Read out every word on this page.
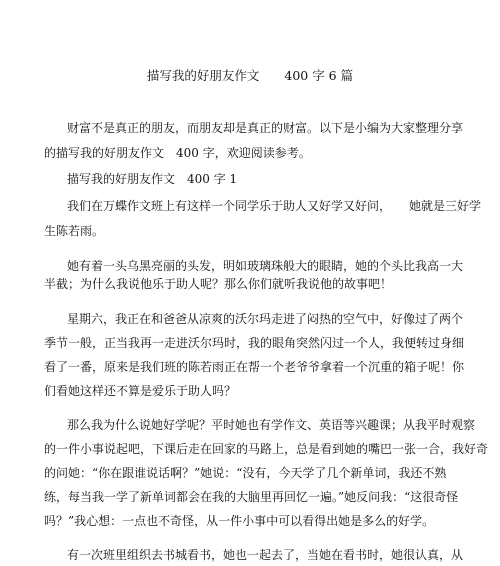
描写我的好朋友作文　　400 字 6 篇
财富不是真正的朋友，而朋友却是真正的财富。以下是小编为大家整理分享
的描写我的好朋友作文　400 字，欢迎阅读参考。
描写我的好朋友作文　400 字 1
我们在万蝶作文班上有这样一个同学乐于助人又好学又好问，　　她就是三好学
生陈若雨。
她有着一头乌黑亮丽的头发，明如玻璃珠般大的眼睛，她的个头比我高一大
半截；为什么我说他乐于助人呢？那么你们就听我说他的故事吧！
星期六，我正在和爸爸从凉爽的沃尔玛走进了闷热的空气中，好像过了两个
季节一般，正当我再一走进沃尔玛时，我的眼角突然闪过一个人，我便转过身细
看了一番，原来是我们班的陈若雨正在帮一个老爷爷拿着一个沉重的箱子呢！你
们看她这样还不算是爱乐于助人吗？
那么我为什么说她好学呢？平时她也有学作文、英语等兴趣课；从我平时观察
的一件小事说起吧，下课后走在回家的马路上，总是看到她的嘴巴一张一合，我好奇
的问她：“你在跟谁说话啊？”她说：“没有，今天学了几个新单词，我还不熟
练，每当我一学了新单词都会在我的大脑里再回忆一遍。”她反问我：“这很奇怪
吗？”我心想：一点也不奇怪，从一件小事中可以看得出她是多么的好学。
有一次班里组织去书城看书，她也一起去了，当她在看书时，她很认真，从
